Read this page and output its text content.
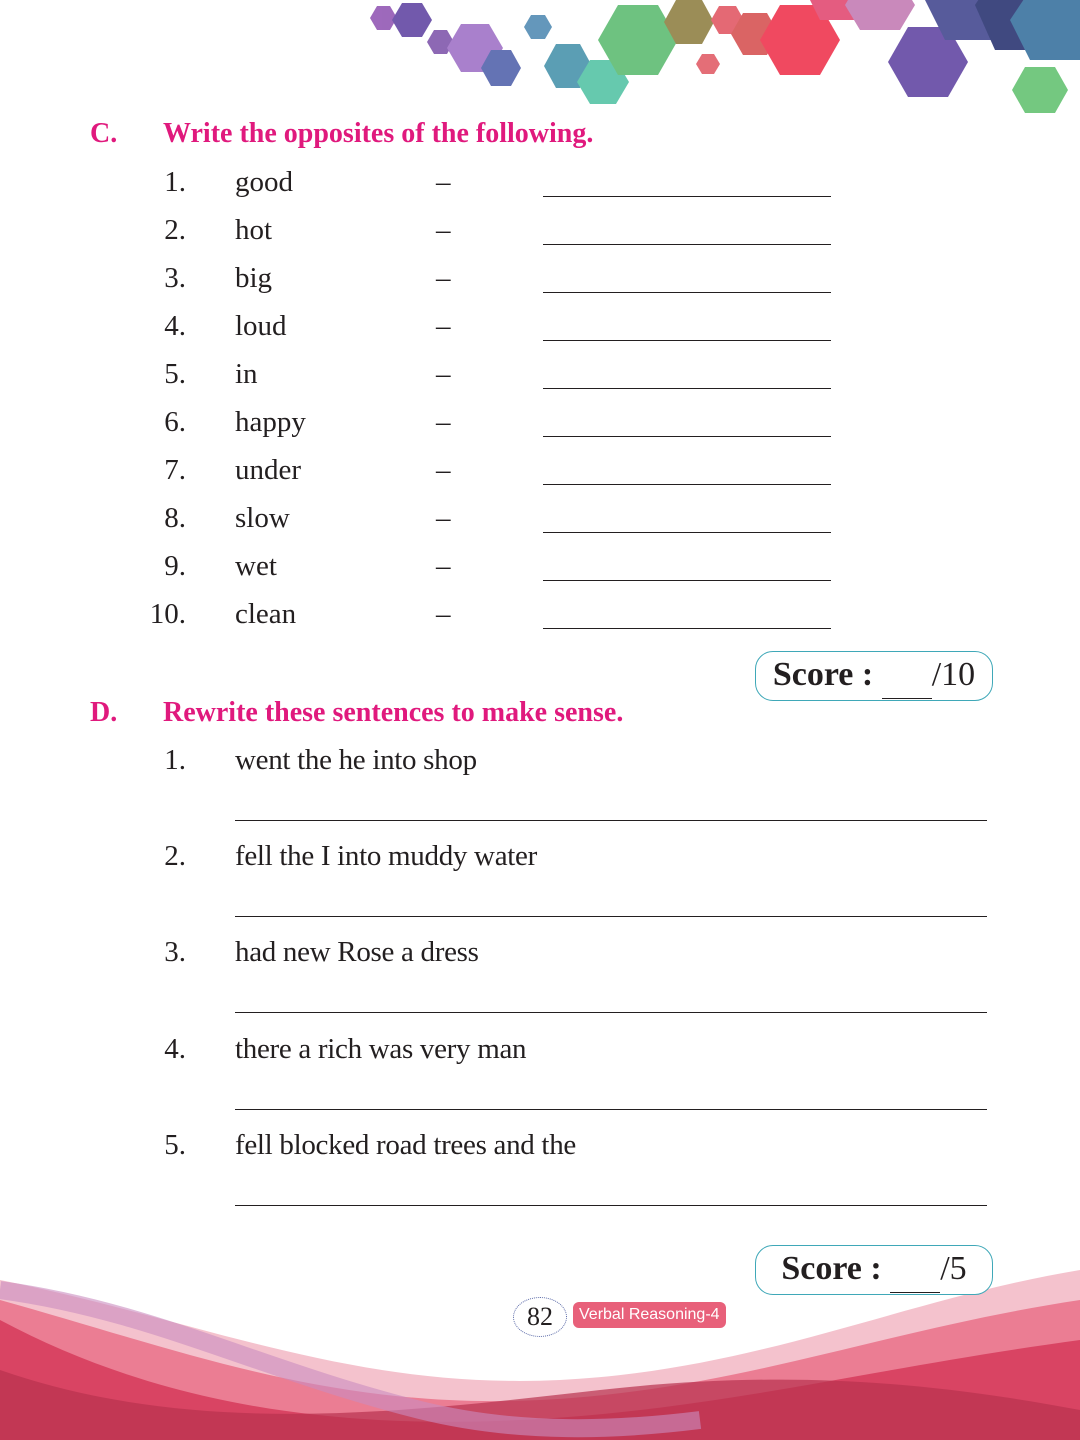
C. Write the opposites of the following.
1. good	–
2. hot	–
3. big	–
4. loud	–
5. in	–
6. happy	–
7. under	–
8. slow	–
9. wet	–
10. clean	–
Score : /10
D. Rewrite these sentences to make sense.
1. went the he into shop
2. fell the I into muddy water
3. had new Rose a dress
4. there a rich was very man
5. fell blocked road trees and the
Score : /5
82	Verbal Reasoning-4
